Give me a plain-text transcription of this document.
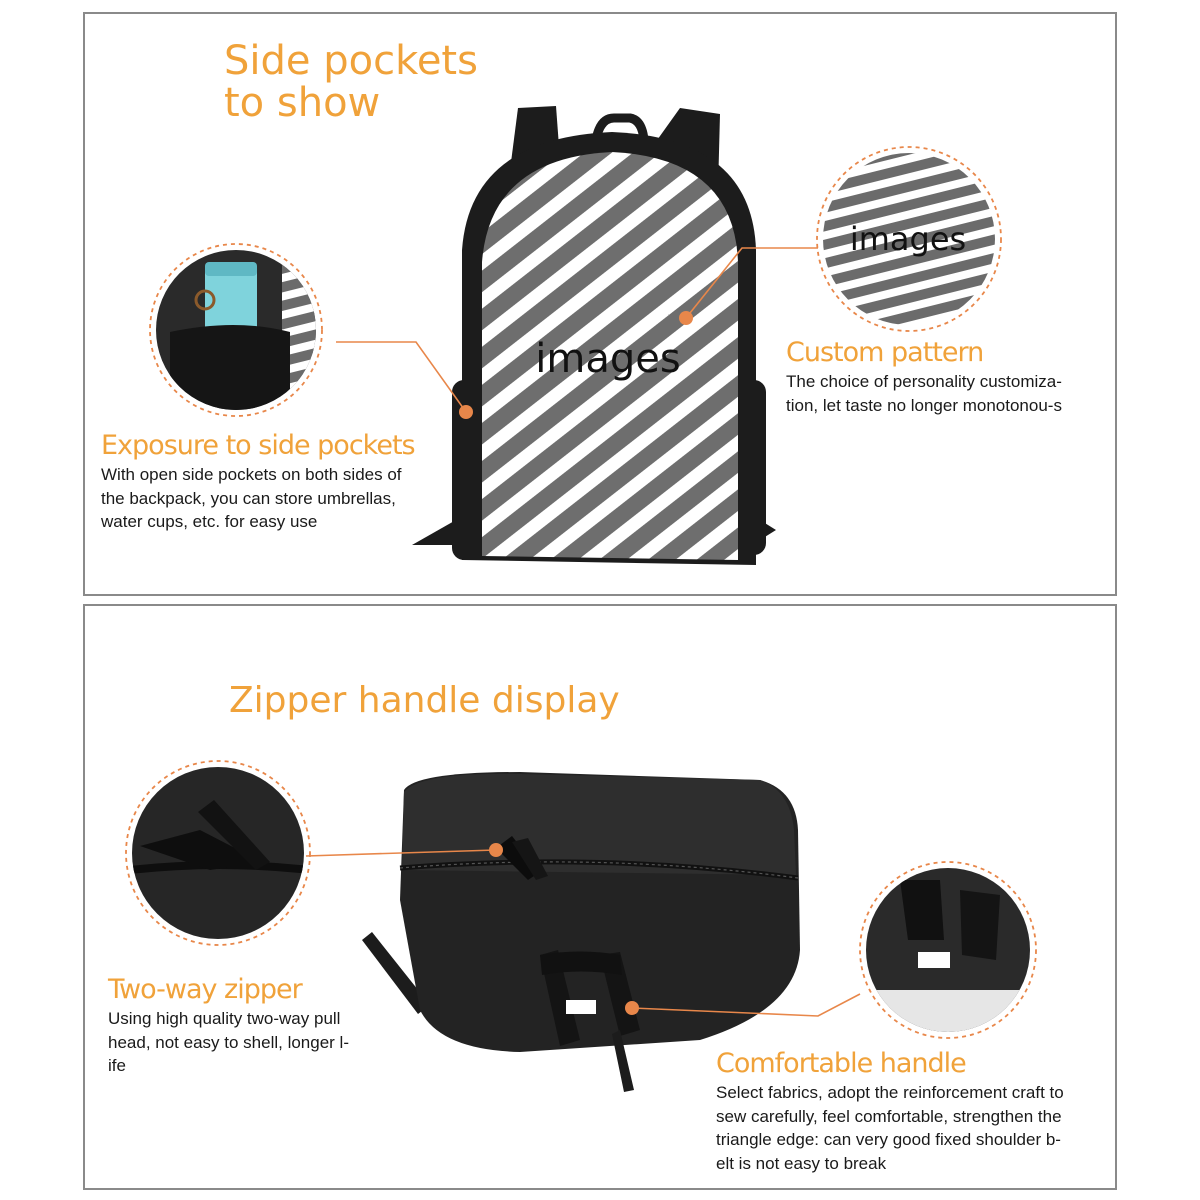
images
images
Side pockets
to show
Custom pattern
The choice of personality customiza-
tion, let taste no longer monotonou-s
Exposure to side pockets
With open side pockets on both sides of
the backpack, you can store umbrellas,
water cups, etc. for easy use
Zipper handle display
Two-way zipper
Using high quality two-way pull
head, not easy to shell, longer l-
ife	Comfortable handle
Select fabrics, adopt the reinforcement craft to
sew carefully, feel comfortable, strengthen the
triangle edge: can very good fixed shoulder b-
elt is not easy to break
